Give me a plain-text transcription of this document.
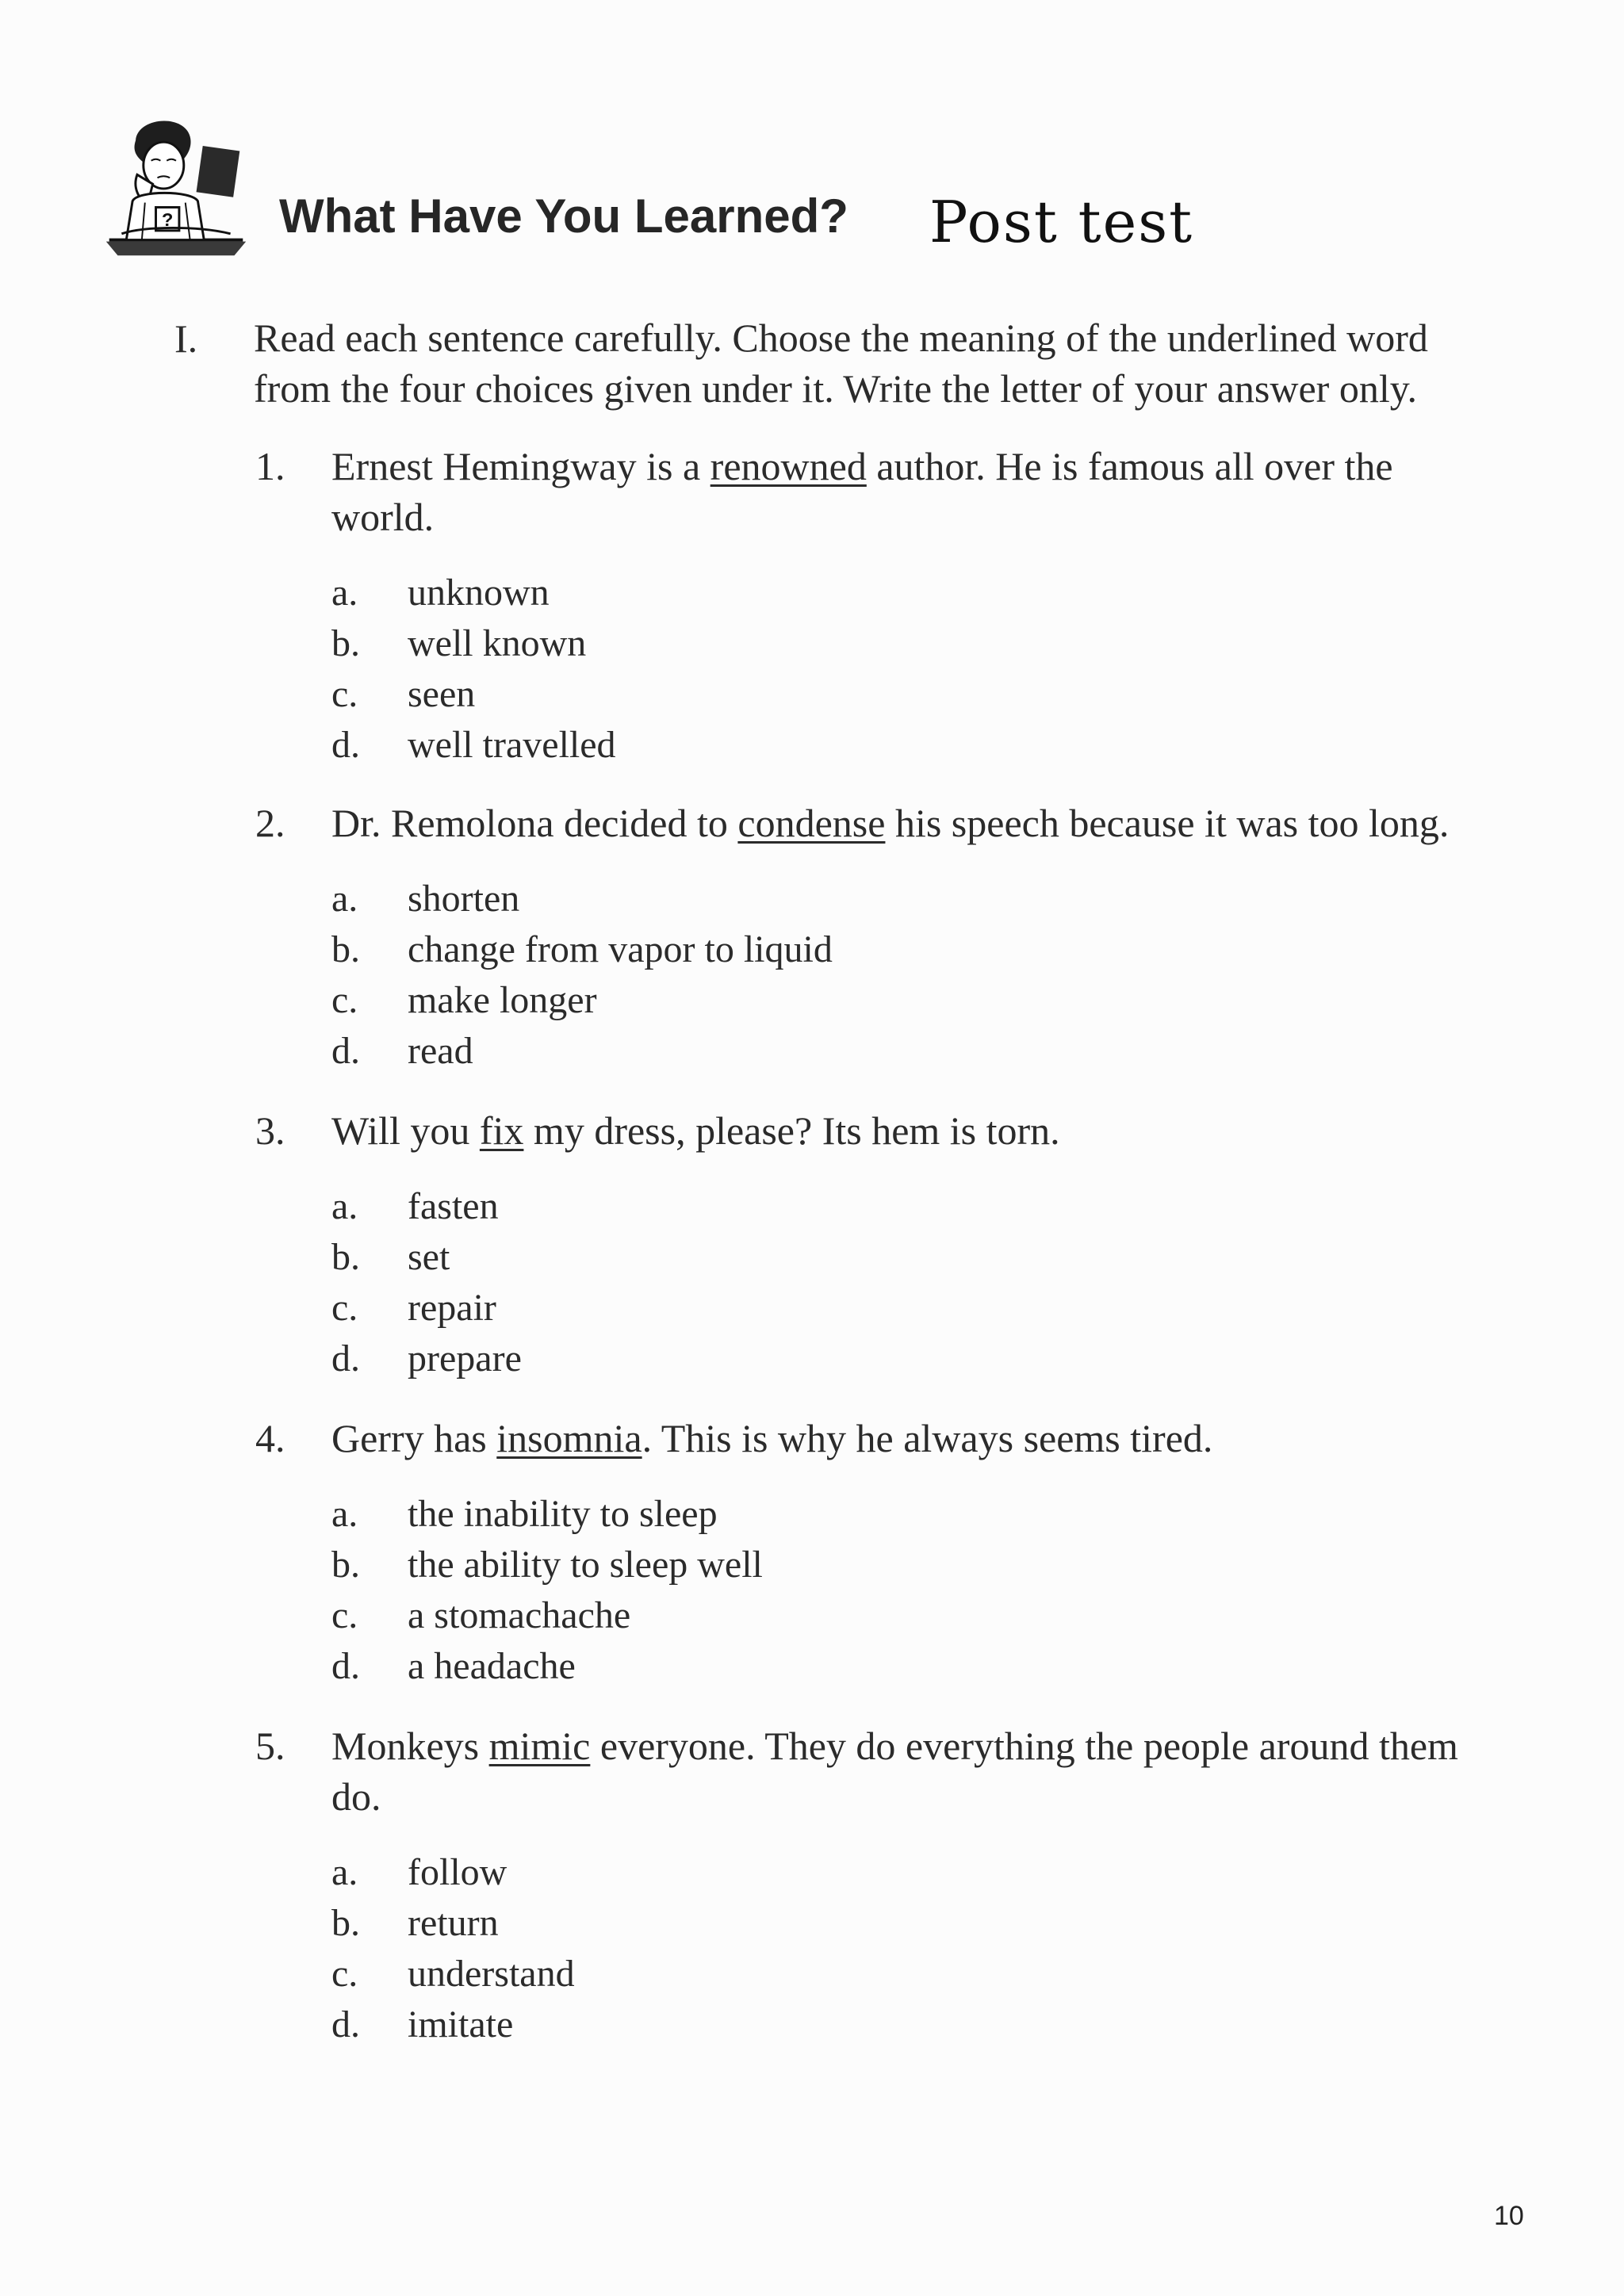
? What Have You Learned? Post test
I. Read each sentence carefully. Choose the meaning of the underlined word
from the four choices given under it. Write the letter of your answer only.
1. Ernest Hemingway is a renowned author. He is famous all over the world.
a. unknown
b. well known
c. seen
d. well travelled
2. Dr. Remolona decided to condense his speech because it was too long.
a. shorten
b. change from vapor to liquid
c. make longer
d. read
3. Will you fix my dress, please? Its hem is torn.
a. fasten
b. set
c. repair
d. prepare
4. Gerry has insomnia. This is why he always seems tired.
a. the inability to sleep
b. the ability to sleep well
c. a stomachache
d. a headache
5. Monkeys mimic everyone. They do everything the people around them do.
a. follow
b. return
c. understand
d. imitate
10
